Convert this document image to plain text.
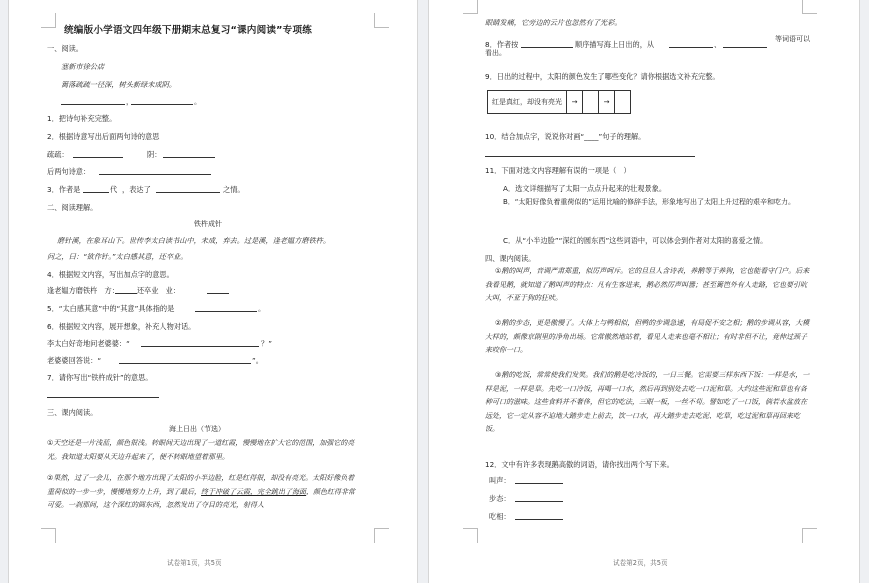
统编版小学语文四年级下册期末总复习“课内阅读”专项练
一、阅读。
塞新市徐公店
篱落疏疏一径深，树头新绿未成阴。
，	。
1．把诗句补充完整。
2．根据诗意写出后面两句诗的意思
疏疏：	阴：
后两句诗意：
3．作者是	代 ，表达了	之情。
二、阅读理解。
铁杵成针
磨针溪，在象耳山下。世传李太白读书山中，未成，弃去。过是溪，逢老媪方磨铁杵。
问之，曰：“欲作针。”太白感其意，还卒业。
4．根据短文内容，写出加点字的意思。
逢老媪方磨铁杵　方：　　　还卒业　业：
5．“太白感其意”中的“其意”具体指的是	。
6．根据短文内容，展开想象，补充人物对话。
李太白好奇地问老婆婆：“	？”
老婆婆回答说：“	”。
7．请你写出“铁杵成针”的意思。
三、课内阅读。
海上日出（节选）
①天空还是一片浅蓝，颜色很浅。转眼间天边出现了一道红霞，慢慢地在扩大它的范围，加强它的亮光。我知道太阳要从天边升起来了，便不转眼地望着那里。
②果然，过了一会儿，在那个地方出现了太阳的小半边脸，红是红得很，却没有亮光。太阳好像负着重荷似的一步一步，慢慢地努力上升，到了最后，终于冲破了云霞，完全跳出了海面，颜色红得非常可爱。一刹那间，这个深红的圆东西，忽然发出了夺目的亮光，射得人
试卷第1页，共5页
眼睛发痛，它旁边的云片也忽然有了光彩。
8．作者按	顺序描写海上日出的，从	、
等词语可以看出。
9．日出的过程中，太阳的颜色发生了哪些变化？请你根据选文补充完整。
红是真红，却没有亮光	→	→
10．结合加点字，说说你对画“____”句子的理解。
11．下面对选文内容理解有误的一项是（　）
A．选文详细描写了太阳一点点升起来的壮观景象。
B．“太阳好像负着重荷似的”运用比喻的修辞手法，形象地写出了太阳上升过程的艰辛和吃力。
C．从“小半边脸”“深红的圆东西”这些词语中，可以体会到作者对太阳的喜爱之情。
四、课内阅读。
①鹅的叫声，音调严肃郑重，似厉声呵斥。它的旦旦人含诗表，养鹅等于养狗，它也能看守门户。后来我看见鹅，就知道了鹅叫声的特点：凡有生客进来，鹅必然厉声叫嚣；甚至篱笆外有人走路，它也要引吭大叫，不亚于狗的狂吠。
②鹅的步态，更是傲慢了。大体上与鸭相似，但鸭的步调急速，有局促不安之相；鹅的步调从容，大模大样的，颇像京剧里的净角出场。它常傲然地站着，看见人走来也毫不相让；有时非但不让，竟伸过颈子来咬你一口。
③鹅的吃饭，常常使我们发笑。我们的鹅是吃冷饭的，一日三餐。它需要三样东西下饭：一样是水，一样是泥，一样是草。先吃一口冷饭，再喝一口水，然后再到别处去吃一口泥和草。大约这些泥和草也有各种可口的滋味。这些食料并不奢侈，但它的吃法，三眼一板，一丝不苟。譬如吃了一口饭，倘若水盆放在远处，它一定从容不迫地大踏步走上前去，饮一口水，再大踏步走去吃泥、吃草，吃过泥和草再回来吃饭。
12．文中有许多表现鹅高傲的词语，请你找出两个写下来。
叫声：
步态：
吃相：
试卷第2页，共5页
